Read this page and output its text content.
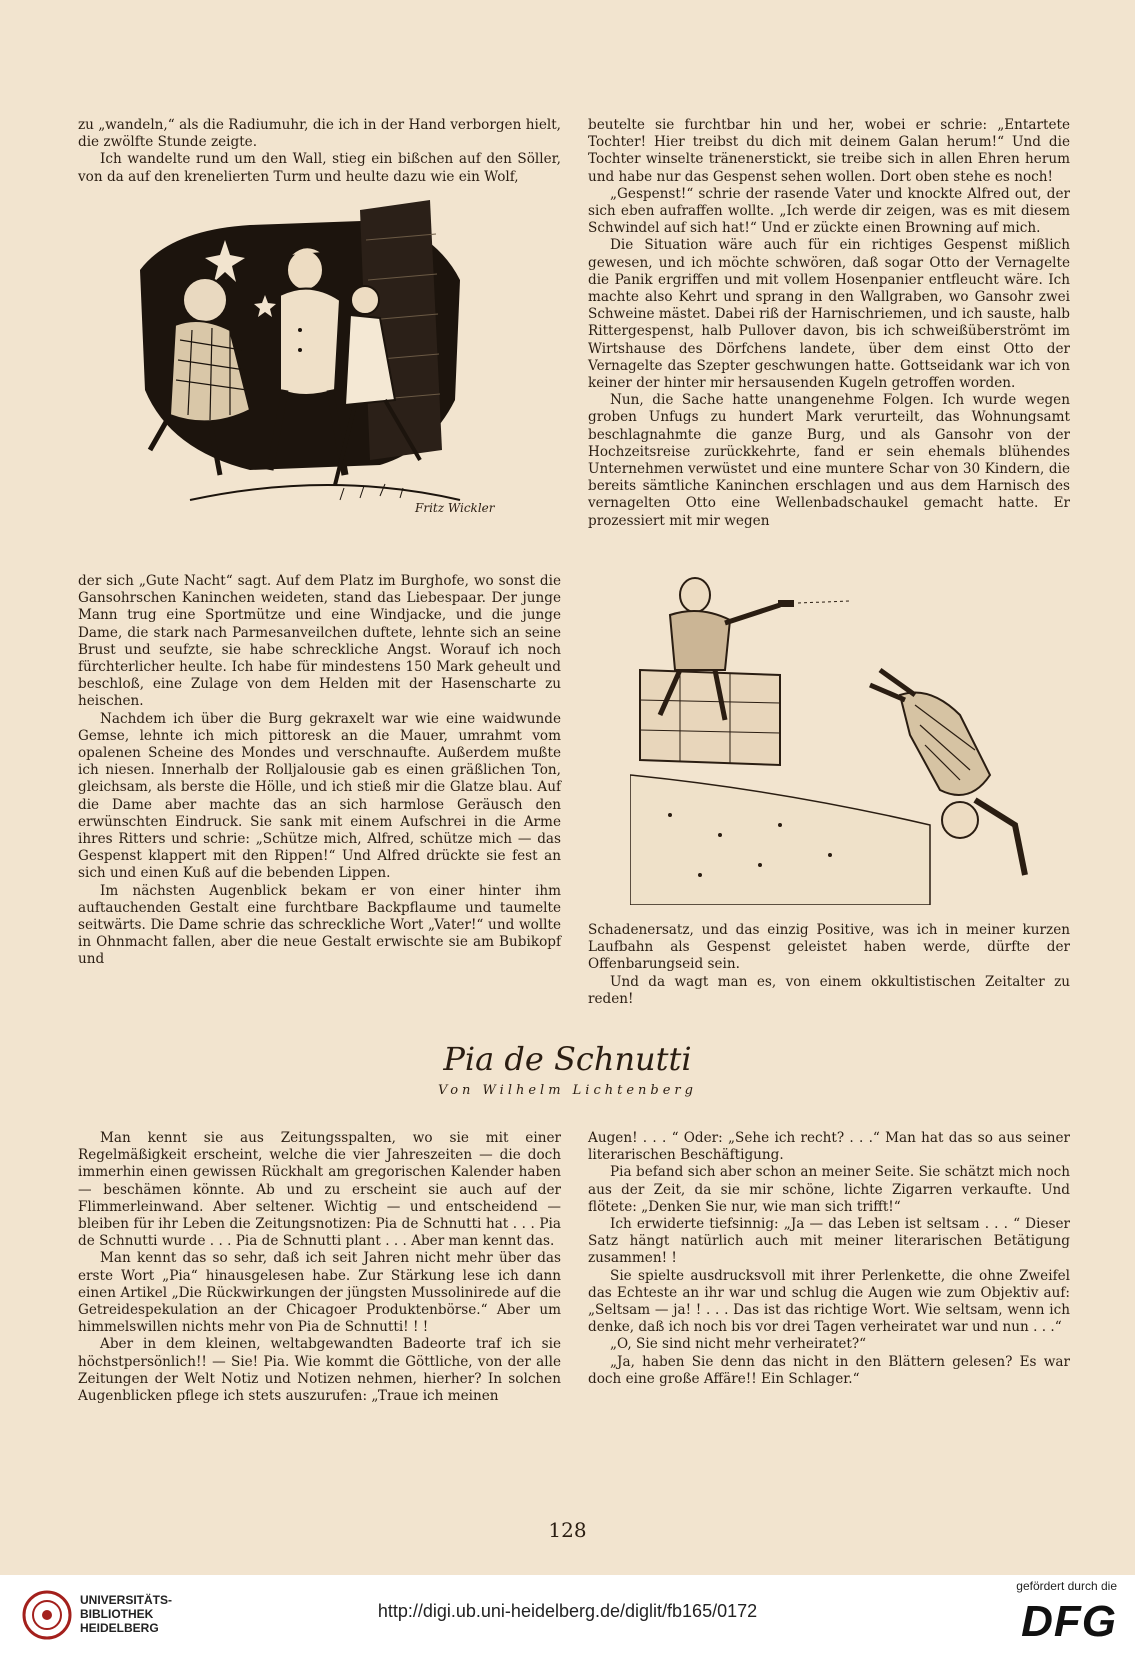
zu „wandeln,“ als die Radiumuhr, die ich in der Hand verborgen hielt, die zwölfte Stunde zeigte.

Ich wandelte rund um den Wall, stieg ein bißchen auf den Söller, von da auf den krenelierten Turm und heulte dazu wie ein Wolf,

beutelte sie furchtbar hin und her, wobei er schrie: „Entartete Tochter! Hier treibst du dich mit deinem Galan herum!“ Und die Tochter winselte tränenerstickt, sie treibe sich in allen Ehren herum und habe nur das Gespenst sehen wollen. Dort oben stehe es noch!

„Gespenst!“ schrie der rasende Vater und knockte Alfred out, der sich eben aufraffen wollte. „Ich werde dir zeigen, was es mit diesem Schwindel auf sich hat!“ Und er zückte einen Browning auf mich.

Die Situation wäre auch für ein richtiges Gespenst mißlich gewesen, und ich möchte schwören, daß sogar Otto der Vernagelte die Panik ergriffen und mit vollem Hosenpanier entfleucht wäre. Ich machte also Kehrt und sprang in den Wallgraben, wo Gansohr zwei Schweine mästet. Dabei riß der Harnischriemen, und ich sauste, halb Rittergespenst, halb Pullover davon, bis ich schweißüberströmt im Wirtshause des Dörfchens landete, über dem einst Otto der Vernagelte das Szepter geschwungen hatte. Gottseidank war ich von keiner der hinter mir hersausenden Kugeln getroffen worden.

Nun, die Sache hatte unangenehme Folgen. Ich wurde wegen groben Unfugs zu hundert Mark verurteilt, das Wohnungsamt beschlagnahmte die ganze Burg, und als Gansohr von der Hochzeitsreise zurückkehrte, fand er sein ehemals blühendes Unternehmen verwüstet und eine muntere Schar von 30 Kindern, die bereits sämtliche Kaninchen erschlagen und aus dem Harnisch des vernagelten Otto eine Wellenbadschaukel gemacht hatte. Er prozessiert mit mir wegen

Fritz Wickler

der sich „Gute Nacht“ sagt. Auf dem Platz im Burghofe, wo sonst die Gansohrschen Kaninchen weideten, stand das Liebespaar. Der junge Mann trug eine Sportmütze und eine Windjacke, und die junge Dame, die stark nach Parmesanveilchen duftete, lehnte sich an seine Brust und seufzte, sie habe schreckliche Angst. Worauf ich noch fürchterlicher heulte. Ich habe für mindestens 150 Mark geheult und beschloß, eine Zulage von dem Helden mit der Hasenscharte zu heischen.

Nachdem ich über die Burg gekraxelt war wie eine waidwunde Gemse, lehnte ich mich pittoresk an die Mauer, umrahmt vom opalenen Scheine des Mondes und verschnaufte. Außerdem mußte ich niesen. Innerhalb der Rolljalousie gab es einen gräßlichen Ton, gleichsam, als berste die Hölle, und ich stieß mir die Glatze blau. Auf die Dame aber machte das an sich harmlose Geräusch den erwünschten Eindruck. Sie sank mit einem Aufschrei in die Arme ihres Ritters und schrie: „Schütze mich, Alfred, schütze mich — das Gespenst klappert mit den Rippen!“ Und Alfred drückte sie fest an sich und einen Kuß auf die bebenden Lippen.

Im nächsten Augenblick bekam er von einer hinter ihm auftauchenden Gestalt eine furchtbare Backpflaume und taumelte seitwärts. Die Dame schrie das schreckliche Wort „Vater!“ und wollte in Ohnmacht fallen, aber die neue Gestalt erwischte sie am Bubikopf und

Schadenersatz, und das einzig Positive, was ich in meiner kurzen Laufbahn als Gespenst geleistet haben werde, dürfte der Offenbarungseid sein.

Und da wagt man es, von einem okkultistischen Zeitalter zu reden!

Pia de Schnutti
Von Wilhelm Lichtenberg

Man kennt sie aus Zeitungsspalten, wo sie mit einer Regelmäßigkeit erscheint, welche die vier Jahreszeiten — die doch immerhin einen gewissen Rückhalt am gregorischen Kalender haben — beschämen könnte. Ab und zu erscheint sie auch auf der Flimmerleinwand. Aber seltener. Wichtig — und entscheidend — bleiben für ihr Leben die Zeitungsnotizen: Pia de Schnutti hat . . . Pia de Schnutti wurde . . . Pia de Schnutti plant . . . Aber man kennt das.

Man kennt das so sehr, daß ich seit Jahren nicht mehr über das erste Wort „Pia“ hinausgelesen habe. Zur Stärkung lese ich dann einen Artikel „Die Rückwirkungen der jüngsten Mussolinirede auf die Getreidespekulation an der Chicagoer Produktenbörse.“ Aber um himmelswillen nichts mehr von Pia de Schnutti! ! !

Aber in dem kleinen, weltabgewandten Badeorte traf ich sie höchstpersönlich!! — Sie! Pia. Wie kommt die Göttliche, von der alle Zeitungen der Welt Notiz und Notizen nehmen, hierher? In solchen Augenblicken pflege ich stets auszurufen: „Traue ich meinen

Augen! . . . “ Oder: „Sehe ich recht? . . .“ Man hat das so aus seiner literarischen Beschäftigung.

Pia befand sich aber schon an meiner Seite. Sie schätzt mich noch aus der Zeit, da sie mir schöne, lichte Zigarren verkaufte. Und flötete: „Denken Sie nur, wie man sich trifft!“

Ich erwiderte tiefsinnig: „Ja — das Leben ist seltsam . . . “ Dieser Satz hängt natürlich auch mit meiner literarischen Betätigung zusammen! !

Sie spielte ausdrucksvoll mit ihrer Perlenkette, die ohne Zweifel das Echteste an ihr war und schlug die Augen wie zum Objektiv auf: „Seltsam — ja! ! . . . Das ist das richtige Wort. Wie seltsam, wenn ich denke, daß ich noch bis vor drei Tagen verheiratet war und nun . . .“

„O, Sie sind nicht mehr verheiratet?“

„Ja, haben Sie denn das nicht in den Blättern gelesen? Es war doch eine große Affäre!! Ein Schlager.“

128
UNIVERSITÄTS-
BIBLIOTHEK
HEIDELBERG
http://digi.ub.uni-heidelberg.de/diglit/fb165/0172
gefördert durch die
DFG
